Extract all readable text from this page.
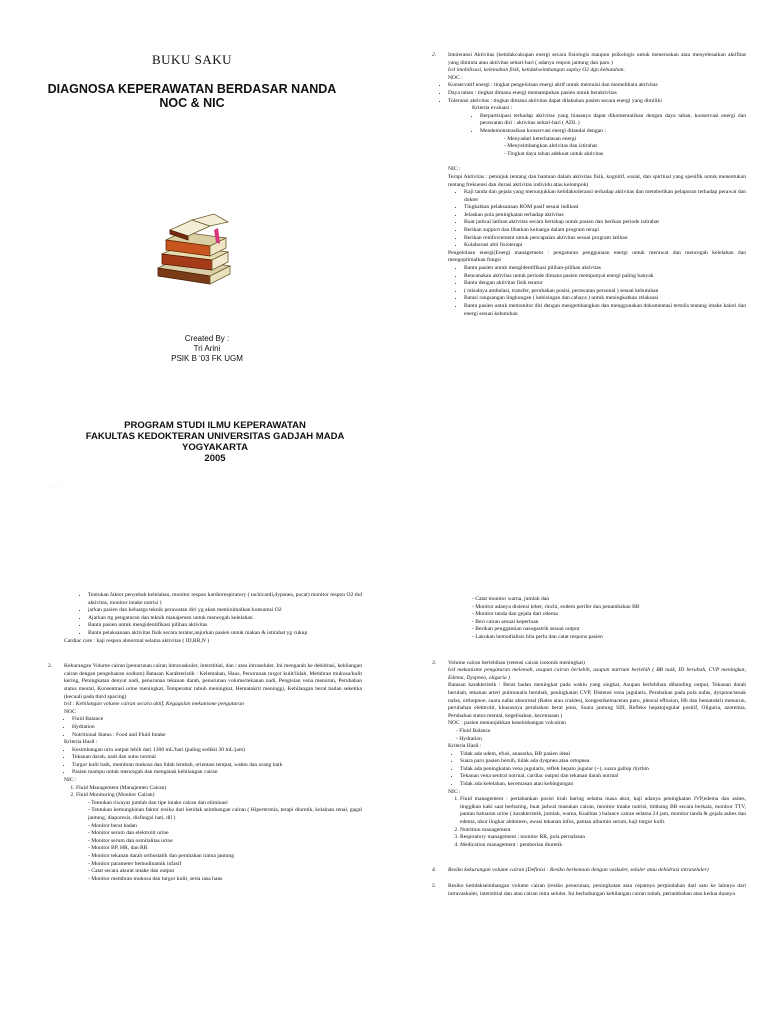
BUKU SAKU
DIAGNOSA KEPERAWATAN BERDASAR NANDA
NOC & NIC
Created By :
Tri Arini
PSIK B '03 FK UGM
PROGRAM STUDI ILMU KEPERAWATAN
FAKULTAS KEDOKTERAN UNIVERSITAS GADJAH MADA
YOGYAKARTA
2005
...................
2.	Intoleransi Aktivitas (ketidakcukupan energi secara fisiologis maupun psikologis untuk meneruskan atau menyelesaikan aktifitas yang diminta atau aktivitas sehari-hari ( adanya respon jantung dan paru )

b/d imobilisasi, kelemahan fisik, ketidakseimbangan suplay O2 dgn kebutuhan.

NOC :

• Konservatif energi : tingkat pengelolaan energi aktif untuk memulai dan memelihara aktivitas
• Daya tahan : tingkat dimana energi memampukan pasien untuk beraktivitas
• Toleransi aktivitas : tingkat dimana aktivitas dapat dilakukan pasien secara energi yang dimiliki

Kriteria evaluasi :

• Berpartisipasi terhadap aktivitas yang biasanya dapat dikomentarikan dengan daya tahan, konservasi energi dan perawatan diri : aktivitas sehari-hari ( ADL )
• Mendemonstrasikan konservasi energi ditandai dengan :
- Menyadari keterbatasan energi
- Menyeimbangkan aktivitas dan istirahat
- Tingkat daya tahan adekuat untuk aktivitas

NIC :

Terapi Aktivitas : petunjuk tentang dan bantuan dalam aktivitas fisik, kognitif, sosial, dan spiritual yang spesifik untuk menentukan rentang frekuensi dan durasi aktivitas individu atau kelompok)

• Kaji tanda dan gejala yang menunjukkan ketidaktoleransi terhadap aktivitas dan memberikan pelaporan terhadap perawat dan dokter
• Tingkatkan pelaksanaan ROM pasif sesuai indikasi
• Jelaskan pola peningkatan terhadap aktivitas
• Buat jadwal latihan aktivitas secara bertahap untuk pasien dan berikan periode istirahat
• Berikan support dan libatkan keluarga dalam program terapi
• Berikan reinforcement untuk pencapaian aktivitas sesuai program latihan
• Kolaborasi ahli fisioterapi

Pengelolaan energi(Energi management : pengaturan penggunaan energi untuk merawat dan mencegah kelelahan dan mengoptimalkan fungsi

• Bantu pasien untuk mengidentifikasi pilihan-pilihan aktivitas
• Rencanakan aktivitas untuk periode dimana pasien mempunyai energi paling banyak
• Bantu dengan aktivitas fisik teratur
• ( misalnya ambulasi, transfer, perubahan posisi, perawatan personal ) sesuai kebutuhan
• Batasi rangsangan lingkungan ( kebisingan dan cahaya ) untuk meningkatkan relaksasi
• Bantu pasien untuk memonitor diri dengan mengembangkan dan menggunakan dokumentasi tertulis tentang intake kalori dan energi sesuai kebutuhan
• Tentukan faktor penyebab kelelahan, monitor respon kardiorespiratory ( tachicardi,dypsnea, pucat) monitor respon O2 thd aktivitas, monitor intake nutrisi )
• jarkan pasien dan keluarga teknik perawatan diri yg akan meminimalkan konsumsi O2
• Ajarkan ttg pengaturan dan teknik manajemen untuk mencegah kelelahan
• Bantu pasien untuk mengidentifikasi pilihan aktivitas
• Bantu pelaksanaan aktivitas fisik secara teratur,anjurkan pasien untuk makan & istirahat yg cukup

Cardiac care : kaji respon abnormal selama aktivitas ( ID,RR,N )

2.	Kekurangan Volume cairan (penurunan cairan intravaskuler, interstitial, dan / atau intraseluler. Ini mengarah ke dehidrasi, kehilangan cairan dengan pengeluaran sodium) Batasan Karakteristik : Kelemahan, Haus, Penurunan turgor kulit/lidah, Membran mukosa/kulit kering, Peningkatan denyut nadi, penurunan tekanan darah, penurunan volume/tekanan nadi, Pengisian vena menurun, Perubahan status mental, Konsentrasi urine meningkat, Temperatur tubuh meningkat, Hematokrit meninggi, Kehilangan berat badan seketika (kecuali pada third spacing)

b/d : Kehilangan volume cairan secara aktif, Kegagalan mekanisme pengaturan

NOC

• Fluid Balance
• Hydration
• Nutritional Status : Food and Fluid Intake

Kriteria Hasil :

• Kesimbangan urin output lebih dari 1300 mL/hari (paling sedikit 30 mL/jam)
• Tekanan darah, nadi dan suhu normal
• Turgor kulit baik, membran mukosa dan lidah lembab, orientasi tempat, waktu dan orang baik
• Pasien mampu untuk mencegah dan mengatasi kehilangan cairan

NIC :

1. Fluid Management (Manajemen Cairan)
2. Fluid Monitoring (Monitor Cairan)
- Tentukan riwayat jumlah dan tipe intake cairan dan eliminasi
- Tentukan kemungkinan faktor resiko dari ketidak seimbangan cairan ( Hipertermia, terapi diuretik, kelainan renal, gagal jantung, diaporesis, disfungsi hati, dll )
- Monitor berat badan
- Monitor serum dan elektrolit urine
- Monitor serum dan osmilalitas urine
- Monitor BP, HR, dan RR
- Monitor tekanan darah orthostatik dan perubahan irama jantung
- Monitor parameter hemodinamik infasif
- Catat secara akurat intake dan output
- Monitor membran mukosa dan turgor kulit, serta rasa haus
- Catat monitor warna, jumlah dan
- Monitor adanya distensi leher, rinchi, eodem perifer dan penambahan BB
- Monitor tanda dan gejala dari odema
- Beri cairan sesuai keperluan
- Berikan penggantian nasogastrik sesuai output
- Lakukan hemodialisis bila perlu dan catat respons pasien
3.	Volume cairan berlebihan (retensi cairan isotonik meningkat)

b/d mekanisme pengaturan melemah, asupan cairan berlebih, asupan natrium berlebih ( BB naik, ID berubah, CVP meningkat, Edema, Dyspnea, oliguria )

Batasan karakteristik : Berat badan meningkat pada waktu yang singkat, Asupan berlebihan dibanding output, Tekanan darah berubah, tekanan arteri pulmonalis berubah, peningkatan CVP, Distensi vena jugularis, Perubahan pada pola nafas, dyspnoe/sesak nafas, orthopnoe, suara nafas abnormal (Rales atau crakles), kongestikemacetan paru, pleural effusion, Hb dan hematokrit menurun, perubahan elektrolit, khususnya perubahan berat jenis, Suara jantung SIII, Refleks hepatojugular positif, Oliguria, azotemia, Perubahan status mental, kegelisahan, kecemasan )

NOC : pasien menunjukkan keseimbangan volcairan

- Fluid Balance
- Hydration

Kriteria Hasil :

• Tidak ada udem, efusi, anasarka, BB pasien ideal
• Suara paru pasien bersih, tidak ada dyspnea atau ortopnea
• Tidak ada peningkatan vena jugularis, reflek hepato jugular (+), suara gallop rhythm
• Tekanan vena sentral normal, cardiac output dan tekanan darah normal
• Tidak ada kelelahan, kecemasan atau kebingungan

NIC :

1. Fluid management : pertahankan posisi tirah baring selama masa akut, kaji adanya peningkatan JVP,edema dan asites, tinggikan kaki saat berbaring, buat jadwal masukan cairan, monitor intake nutrisi, timbang BB secara berkala, monitor TTV, pantau haluaran urine ( karakteristik, jumlah, warna, Kualitas ) balance cairan selama 24 jam, monitor tanda & gejala asites dan edema, ukur lingkar abdomen, awasi tekanan infus, pantau albumin serum, kaji turgor kulit.
2. Nutrition management
3. Respiratory management : monitor RR, pola pernafasan
4. Medication management : pemberian diuretik
4.	Resiko kekurangan volume cairan (Definisi : Resiko berkenaan dengan vaskuler, seluler atau dehidrasi intraseluler)
5.	Resiko ketidakseimbangan volume cairan (resiko penurunan, peningkatan atau cepatnya perpindahan dari satu ke lainnya dari intravaskuler, interstitial dan atau cairan intra seluler. Ini berhubungan kehilangan cairan tubuh, pertambahan atau kedua duanya
